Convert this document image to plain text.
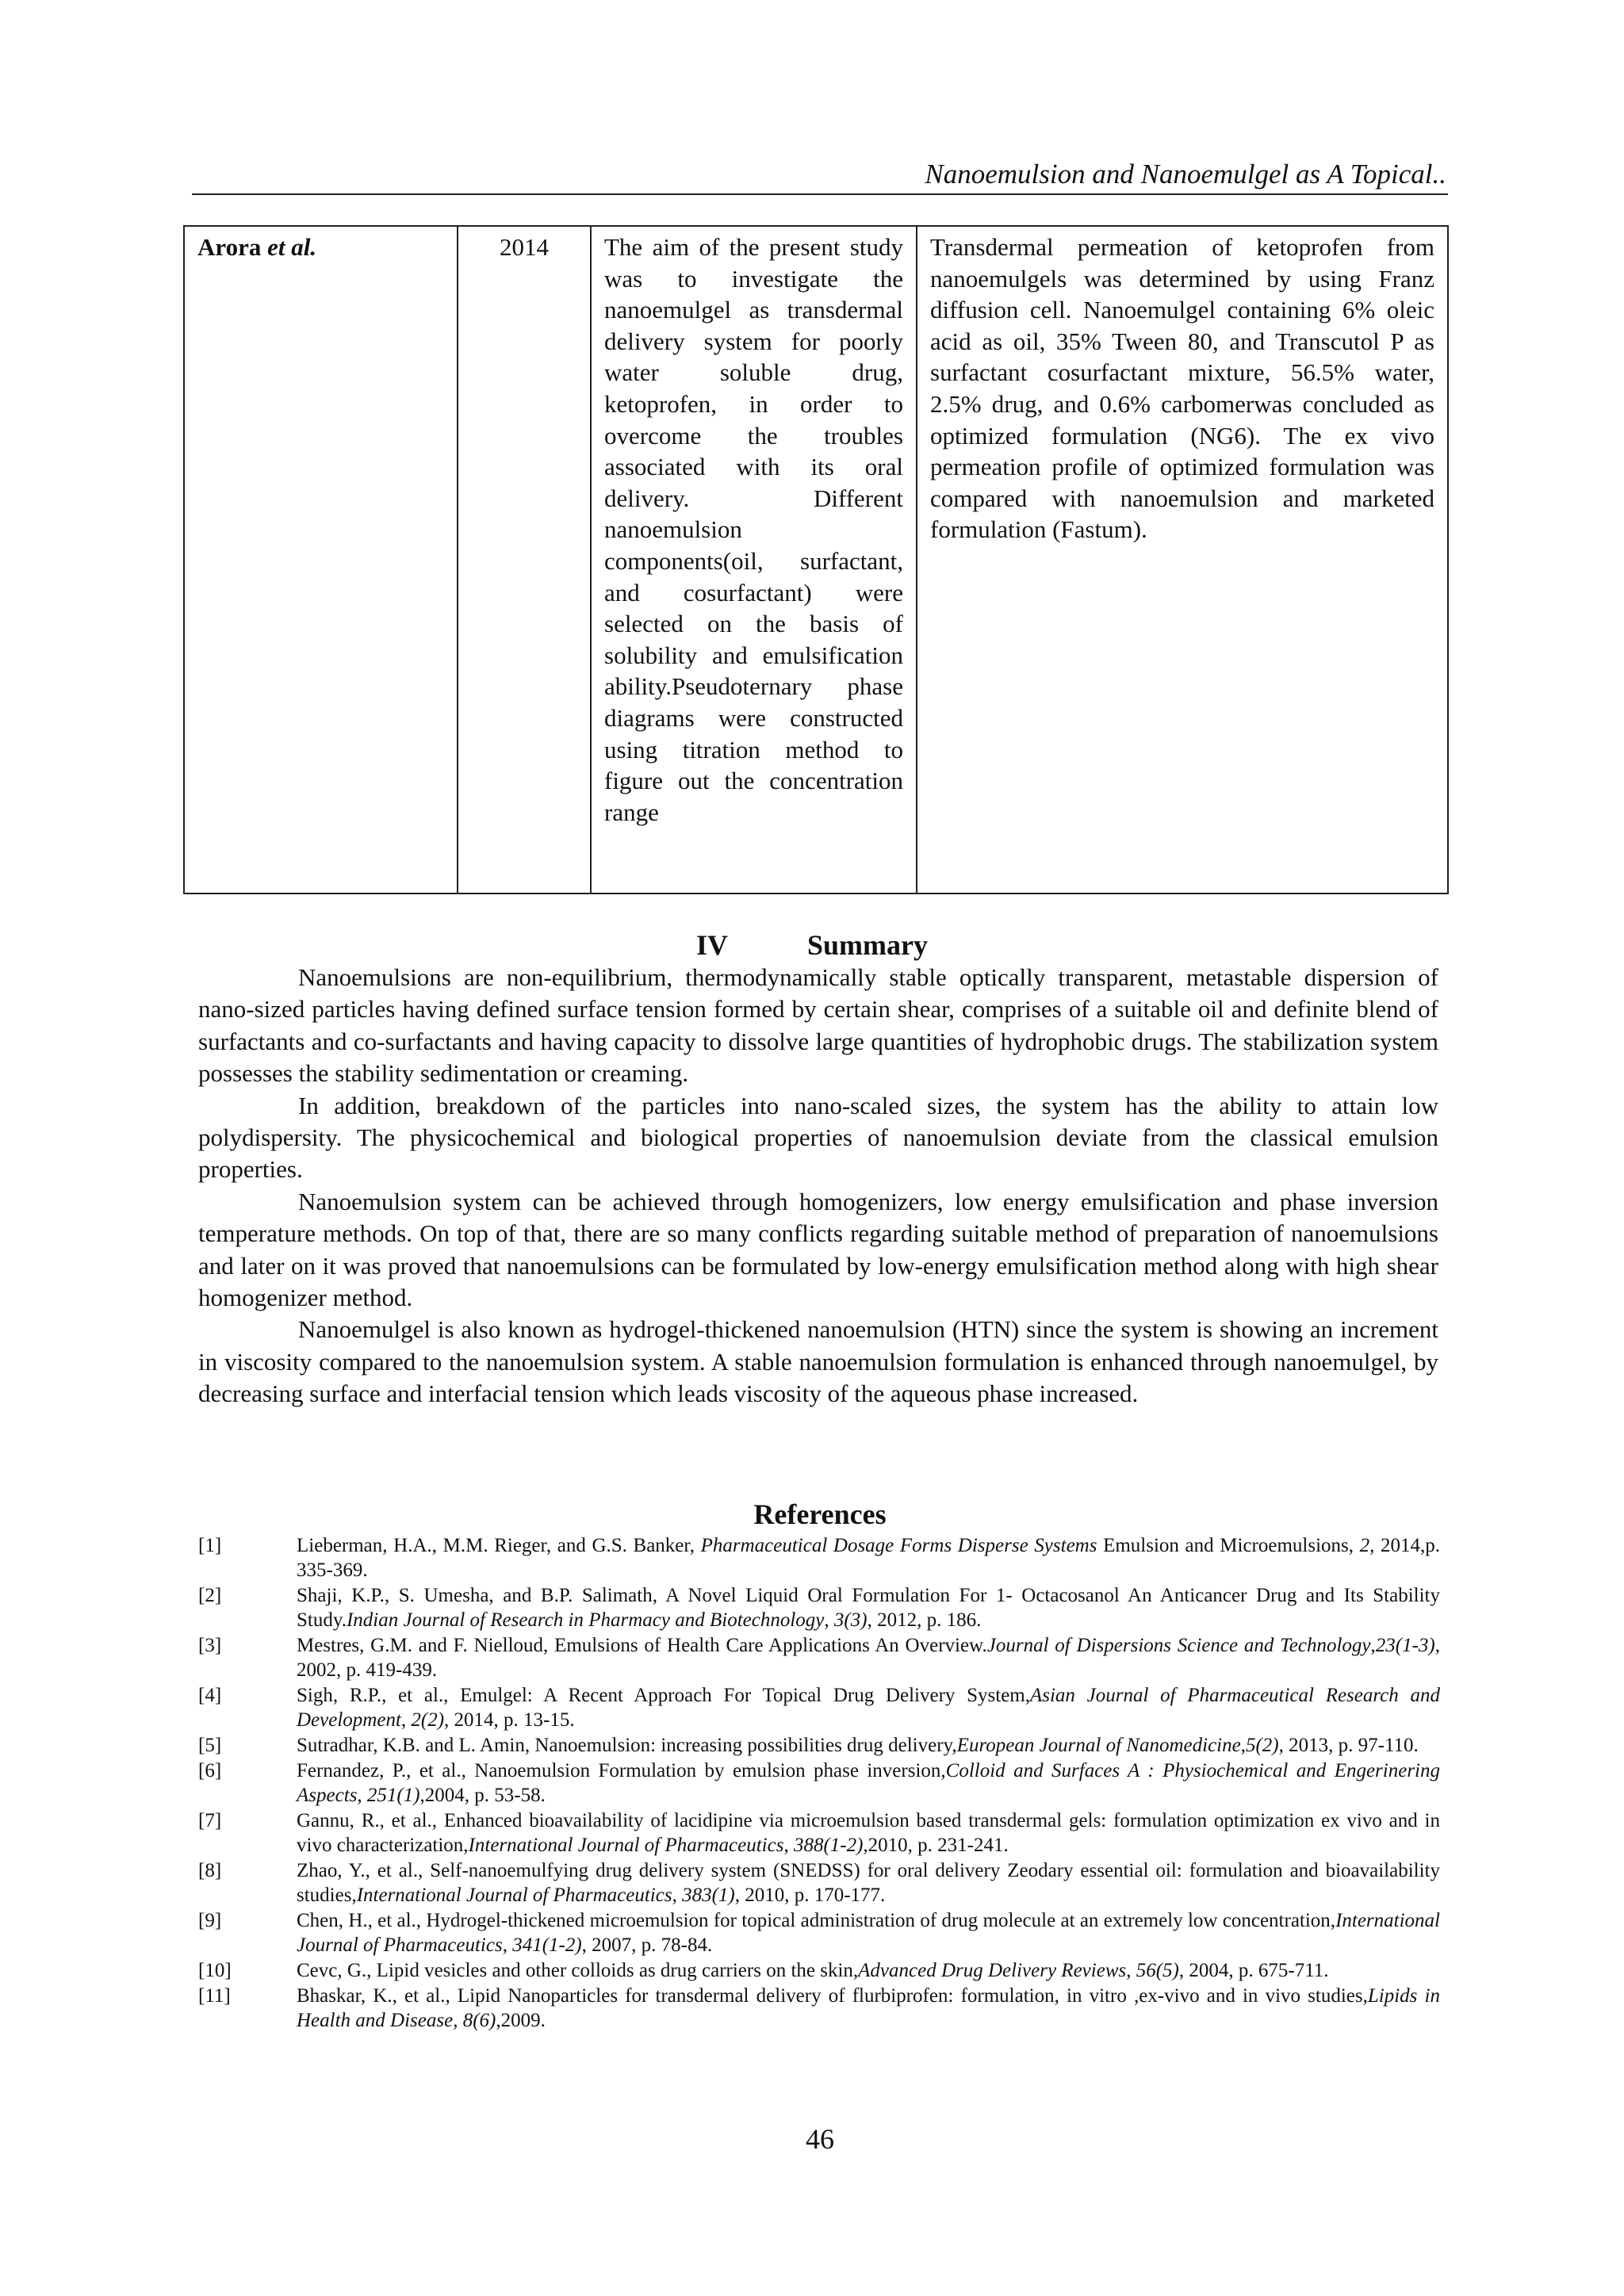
Nanoemulsion and Nanoemulgel as A Topical..
Arora et al.	2014	The aim of the present study was to investigate the nanoemulgel as transdermal delivery system for poorly water soluble drug, ketoprofen, in order to overcome the troubles associated with its oral delivery. Different nanoemulsion components(oil, surfactant, and cosurfactant) were selected on the basis of solubility and emulsification ability.Pseudoternary phase diagrams were constructed using titration method to figure out the concentration range	Transdermal permeation of ketoprofen from nanoemulgels was determined by using Franz diffusion cell. Nanoemulgel containing 6% oleic acid as oil, 35% Tween 80, and Transcutol P as surfactant cosurfactant mixture, 56.5% water, 2.5% drug, and 0.6% carbomerwas concluded as optimized formulation (NG6). The ex vivo permeation profile of optimized formulation was compared with nanoemulsion and marketed formulation (Fastum).
IV	Summary

Nanoemulsions are non-equilibrium, thermodynamically stable optically transparent, metastable dispersion of nano-sized particles having defined surface tension formed by certain shear, comprises of a suitable oil and definite blend of surfactants and co-surfactants and having capacity to dissolve large quantities of hydrophobic drugs. The stabilization system possesses the stability sedimentation or creaming.

In addition, breakdown of the particles into nano-scaled sizes, the system has the ability to attain low polydispersity. The physicochemical and biological properties of nanoemulsion deviate from the classical emulsion properties.

Nanoemulsion system can be achieved through homogenizers, low energy emulsification and phase inversion temperature methods. On top of that, there are so many conflicts regarding suitable method of preparation of nanoemulsions and later on it was proved that nanoemulsions can be formulated by low-energy emulsification method along with high shear homogenizer method.

Nanoemulgel is also known as hydrogel-thickened nanoemulsion (HTN) since the system is showing an increment in viscosity compared to the nanoemulsion system. A stable nanoemulsion formulation is enhanced through nanoemulgel, by decreasing surface and interfacial tension which leads viscosity of the aqueous phase increased.

References
[1]	Lieberman, H.A., M.M. Rieger, and G.S. Banker, Pharmaceutical Dosage Forms Disperse Systems Emulsion and Microemulsions, 2, 2014,p. 335-369.
[2]	Shaji, K.P., S. Umesha, and B.P. Salimath, A Novel Liquid Oral Formulation For 1- Octacosanol An Anticancer Drug and Its Stability Study.Indian Journal of Research in Pharmacy and Biotechnology, 3(3), 2012, p. 186.
[3]	Mestres, G.M. and F. Nielloud, Emulsions of Health Care Applications An Overview.Journal of Dispersions Science and Technology,23(1-3), 2002, p. 419-439.
[4]	Sigh, R.P., et al., Emulgel: A Recent Approach For Topical Drug Delivery System,Asian Journal of Pharmaceutical Research and Development, 2(2), 2014, p. 13-15.
[5]	Sutradhar, K.B. and L. Amin, Nanoemulsion: increasing possibilities drug delivery,European Journal of Nanomedicine,5(2), 2013, p. 97-110.
[6]	Fernandez, P., et al., Nanoemulsion Formulation by emulsion phase inversion,Colloid and Surfaces A : Physiochemical and Engerinering Aspects, 251(1),2004, p. 53-58.
[7]	Gannu, R., et al., Enhanced bioavailability of lacidipine via microemulsion based transdermal gels: formulation optimization ex vivo and in vivo characterization,International Journal of Pharmaceutics, 388(1-2),2010, p. 231-241.
[8]	Zhao, Y., et al., Self-nanoemulfying drug delivery system (SNEDSS) for oral delivery Zeodary essential oil: formulation and bioavailability studies,International Journal of Pharmaceutics, 383(1), 2010, p. 170-177.
[9]	Chen, H., et al., Hydrogel-thickened microemulsion for topical administration of drug molecule at an extremely low concentration,International Journal of Pharmaceutics, 341(1-2), 2007, p. 78-84.
[10]	Cevc, G., Lipid vesicles and other colloids as drug carriers on the skin,Advanced Drug Delivery Reviews, 56(5), 2004, p. 675-711.
[11]	Bhaskar, K., et al., Lipid Nanoparticles for transdermal delivery of flurbiprofen: formulation, in vitro ,ex-vivo and in vivo studies,Lipids in Health and Disease, 8(6),2009.
46
